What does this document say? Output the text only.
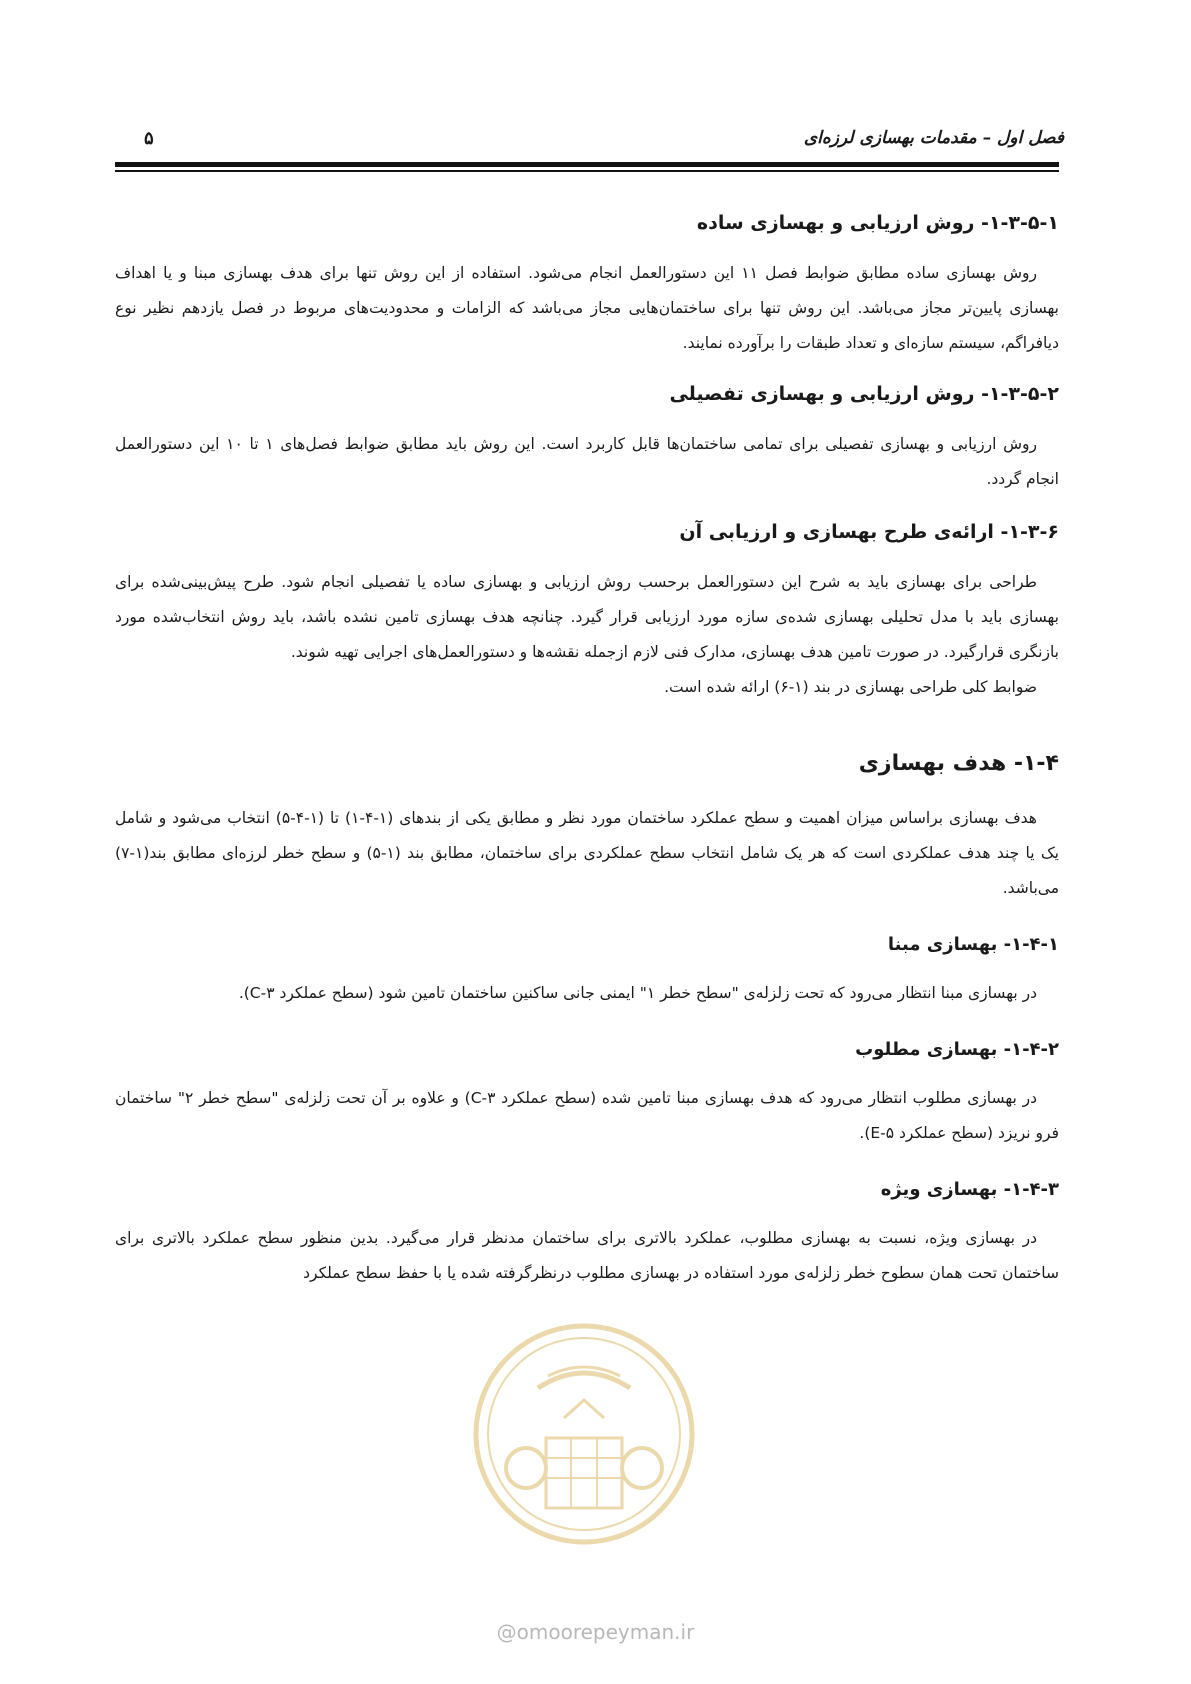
فصل اول – مقدمات بهسازی لرزه‌ای
۵
۱-۳-۵-۱- روش ارزیابی و بهسازی ساده

روش بهسازی ساده مطابق ضوابط فصل ۱۱ این دستورالعمل انجام می‌شود. استفاده از این روش تنها برای هدف بهسازی مبنا و یا اهداف بهسازی پایین‌تر مجاز می‌باشد. این روش تنها برای ساختمان‌هایی مجاز می‌باشد که الزامات و محدودیت‌های مربوط در فصل یازدهم نظیر نوع دیافراگم، سیستم سازه‌ای و تعداد طبقات را برآورده نمایند.

۱-۳-۵-۲- روش ارزیابی و بهسازی تفصیلی

روش ارزیابی و بهسازی تفصیلی برای تمامی ساختمان‌ها قابل کاربرد است. این روش باید مطابق ضوابط فصل‌های ۱ تا ۱۰ این دستورالعمل انجام گردد.

۱-۳-۶- ارائه‌ی طرح بهسازی و ارزیابی آن

طراحی برای بهسازی باید به شرح این دستورالعمل برحسب روش ارزیابی و بهسازی ساده یا تفصیلی انجام شود. طرح پیش‌بینی‌شده برای بهسازی باید با مدل تحلیلی بهسازی شده‌ی سازه مورد ارزیابی قرار گیرد. چنانچه هدف بهسازی تامین نشده باشد، باید روش انتخاب‌شده مورد بازنگری قرارگیرد. در صورت تامین هدف بهسازی، مدارک فنی لازم ازجمله نقشه‌ها و دستورالعمل‌های اجرایی تهیه شوند.

ضوابط کلی طراحی بهسازی در بند (۱-۶) ارائه شده است.

۱-۴- هدف بهسازی

هدف بهسازی براساس میزان اهمیت و سطح عملکرد ساختمان مورد نظر و مطابق یکی از بندهای (۱-۴-۱) تا (۱-۴-۵) انتخاب می‌شود و شامل یک یا چند هدف عملکردی است که هر یک شامل انتخاب سطح عملکردی برای ساختمان، مطابق بند (۱-۵) و سطح خطر لرزه‌ای مطابق بند(۱-۷) می‌باشد.

۱-۴-۱- بهسازی مبنا

در بهسازی مبنا انتظار می‌رود که تحت زلزله‌ی "سطح خطر ۱" ایمنی جانی ساکنین ساختمان تامین شود (سطح عملکرد C-۳).

۱-۴-۲- بهسازی مطلوب

در بهسازی مطلوب انتظار می‌رود که هدف بهسازی مبنا تامین شده (سطح عملکرد C-۳) و علاوه بر آن تحت زلزله‌ی "سطح خطر ۲" ساختمان فرو نریزد (سطح عملکرد E-۵).

۱-۴-۳- بهسازی ویژه

در بهسازی ویژه، نسبت به بهسازی مطلوب، عملکرد بالاتری برای ساختمان مدنظر قرار می‌گیرد. بدین منظور سطح عملکرد بالاتری برای ساختمان تحت همان سطوح خطر زلزله‌ی مورد استفاده در بهسازی مطلوب درنظرگرفته شده یا با حفظ سطح عملکرد

@omoorepeyman.ir
